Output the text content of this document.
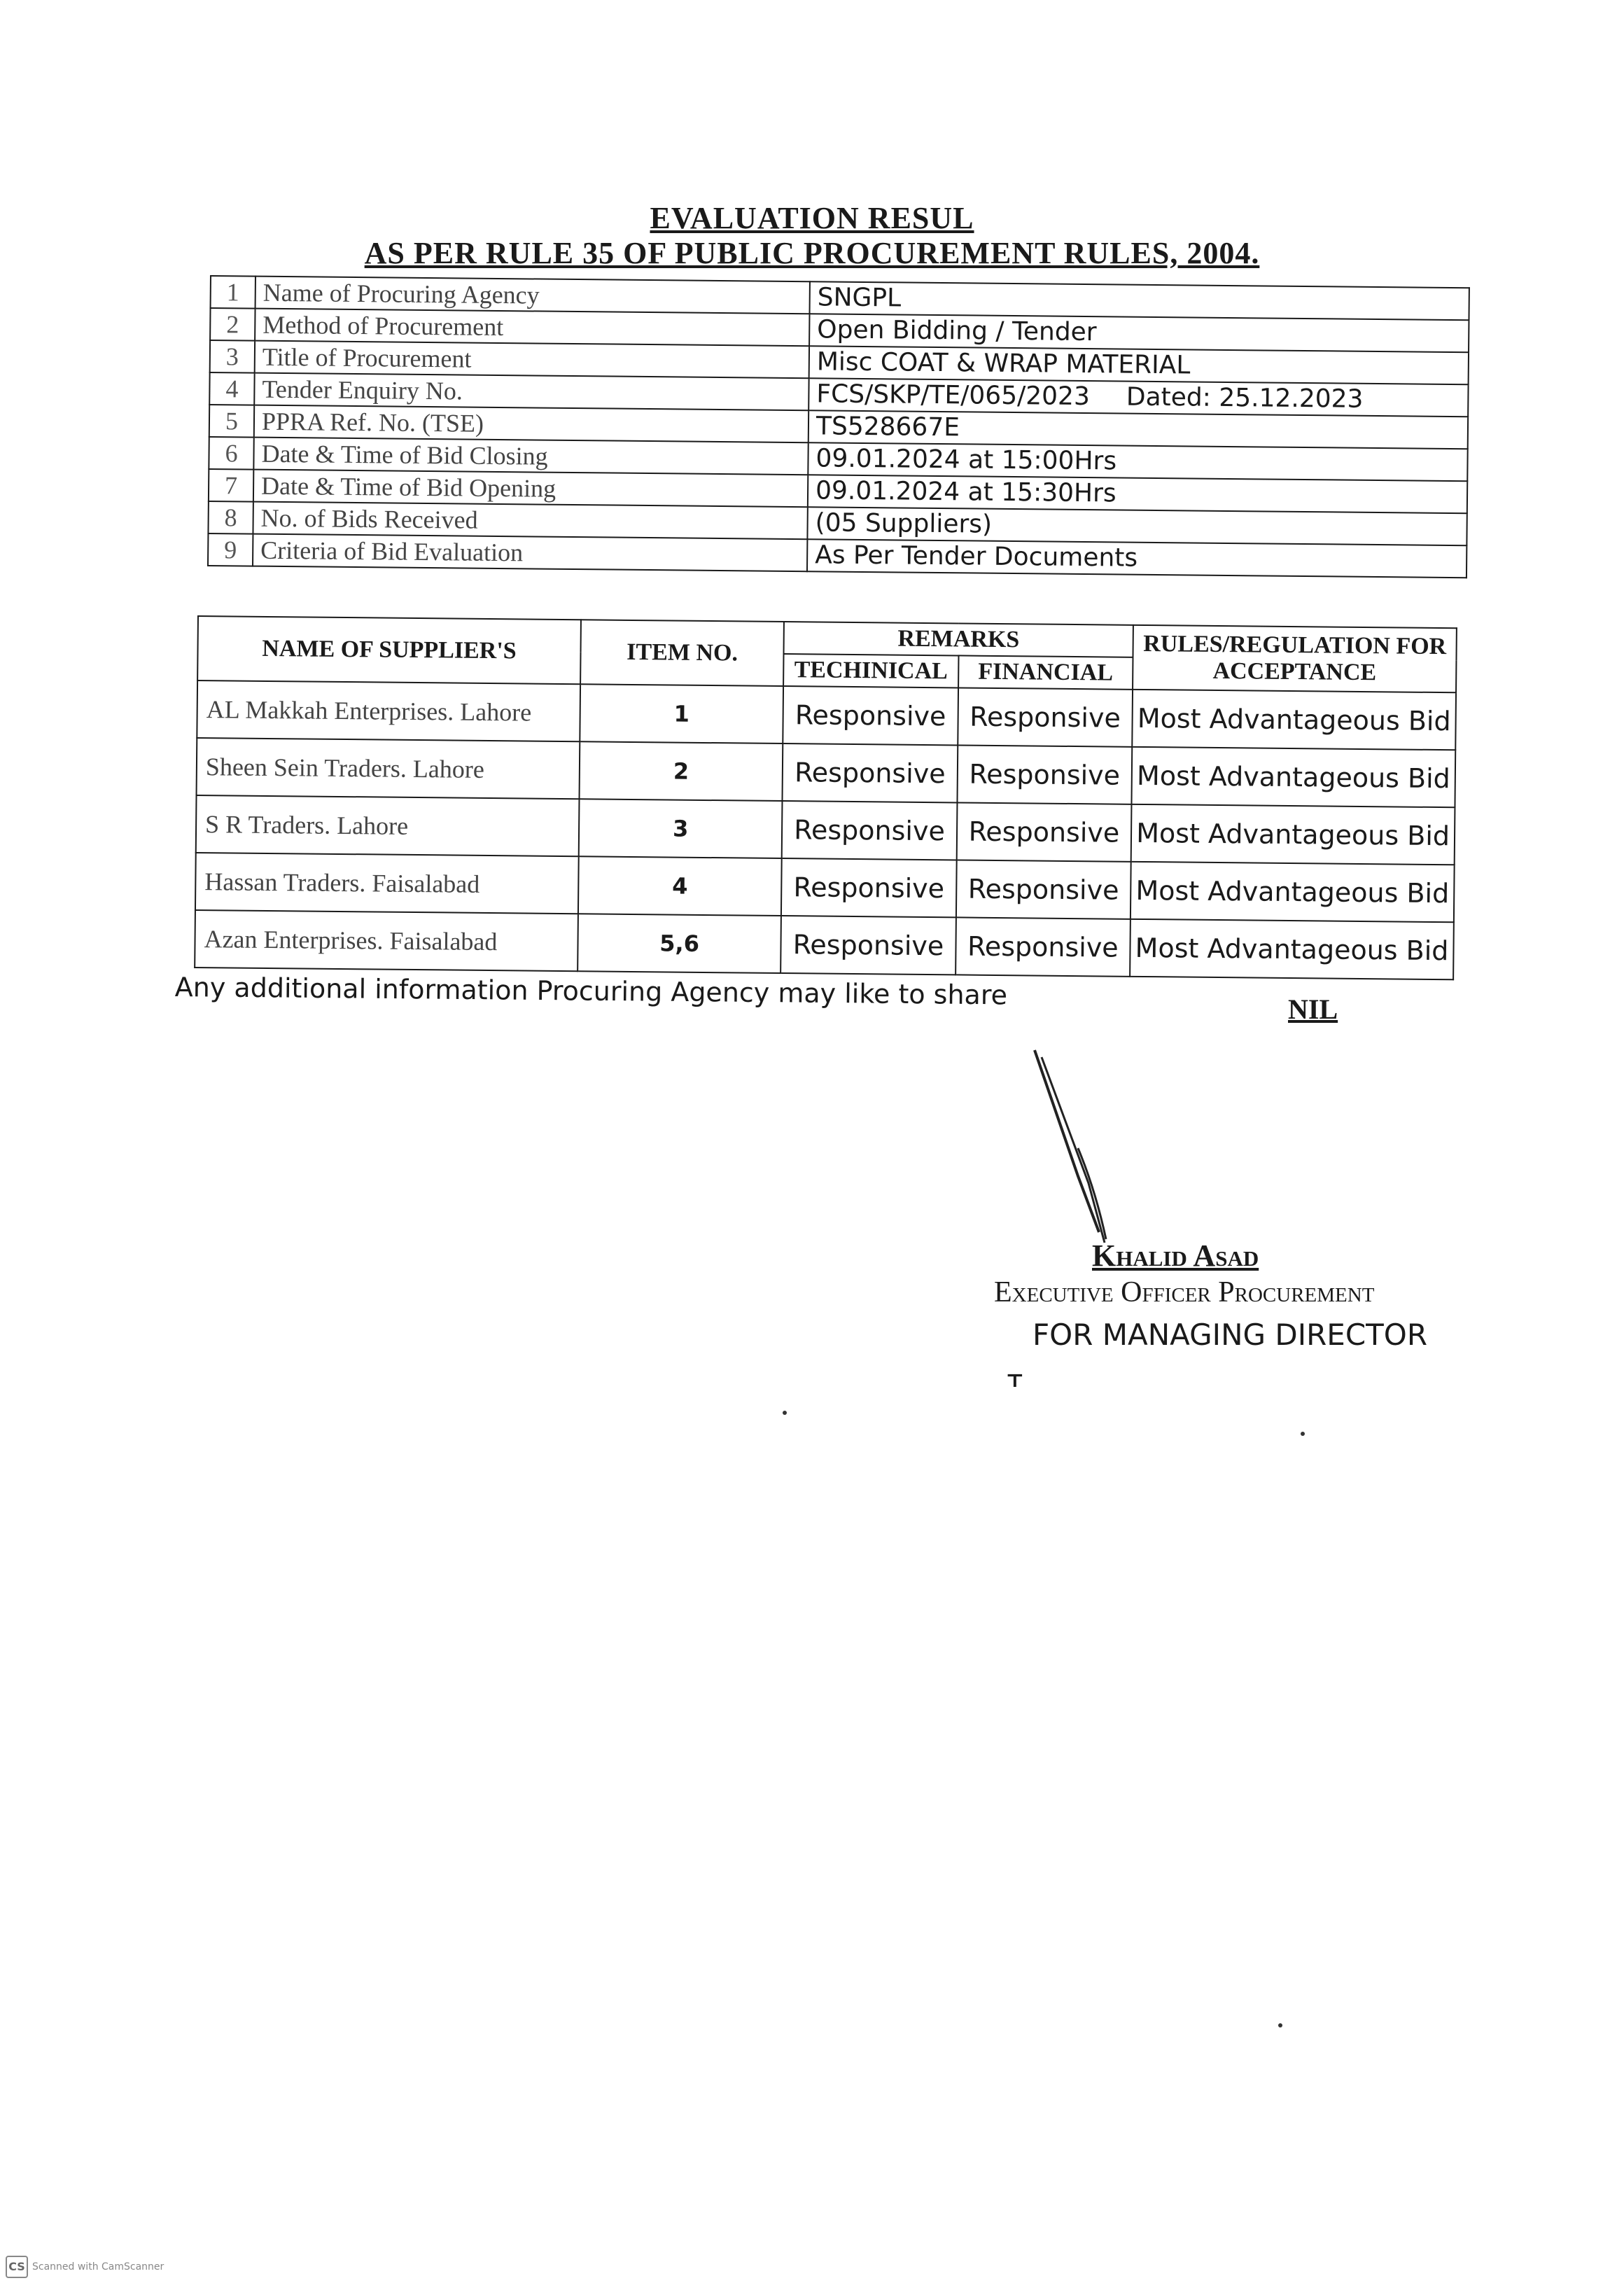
EVALUATION RESUL
AS PER RULE 35 OF PUBLIC PROCUREMENT RULES, 2004.
1	Name of Procuring Agency	SNGPL
2	Method of Procurement	Open Bidding / Tender
3	Title of Procurement	Misc COAT & WRAP MATERIAL
4	Tender Enquiry No.	FCS/SKP/TE/065/2023 Dated: 25.12.2023
5	PPRA Ref. No. (TSE)	TS528667E
6	Date & Time of Bid Closing	09.01.2024 at 15:00Hrs
7	Date & Time of Bid Opening	09.01.2024 at 15:30Hrs
8	No. of Bids Received	(05 Suppliers)
9	Criteria of Bid Evaluation	As Per Tender Documents
NAME OF SUPPLIER'S	ITEM NO.	REMARKS		RULES/REGULATION FOR ACCEPTANCE
		TECHINICAL	FINANCIAL	
AL Makkah Enterprises. Lahore	1	Responsive	Responsive	Most Advantageous Bid
Sheen Sein Traders. Lahore	2	Responsive	Responsive	Most Advantageous Bid
S R Traders. Lahore	3	Responsive	Responsive	Most Advantageous Bid
Hassan Traders. Faisalabad	4	Responsive	Responsive	Most Advantageous Bid
Azan Enterprises. Faisalabad	5,6	Responsive	Responsive	Most Advantageous Bid
Any additional information Procuring Agency may like to share	NIL
Khalid Asad
Executive Officer Procurement
FOR MANAGING DIRECTOR
ᚁ
CS Scanned with CamScanner
